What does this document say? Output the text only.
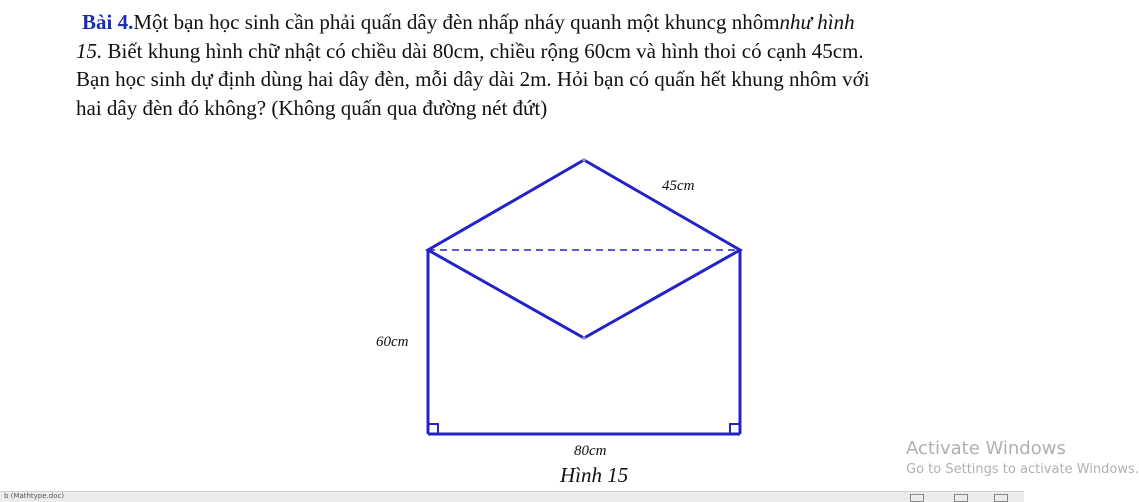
Bài 4.Một bạn học sinh cần phải quấn dây đèn nhấp nháy quanh một khuncg nhômnhư hình

15. Biết khung hình chữ nhật có chiều dài 80cm, chiều rộng 60cm và hình thoi có cạnh 45cm.

Bạn học sinh dự định dùng hai dây đèn, mỗi dây dài 2m. Hỏi bạn có quấn hết khung nhôm với

hai dây đèn đó không? (Không quấn qua đường nét đứt)

45cm
60cm
80cm
Hình 15
Activate Windows
Go to Settings to activate Windows.
b (Mathtype.doc)
